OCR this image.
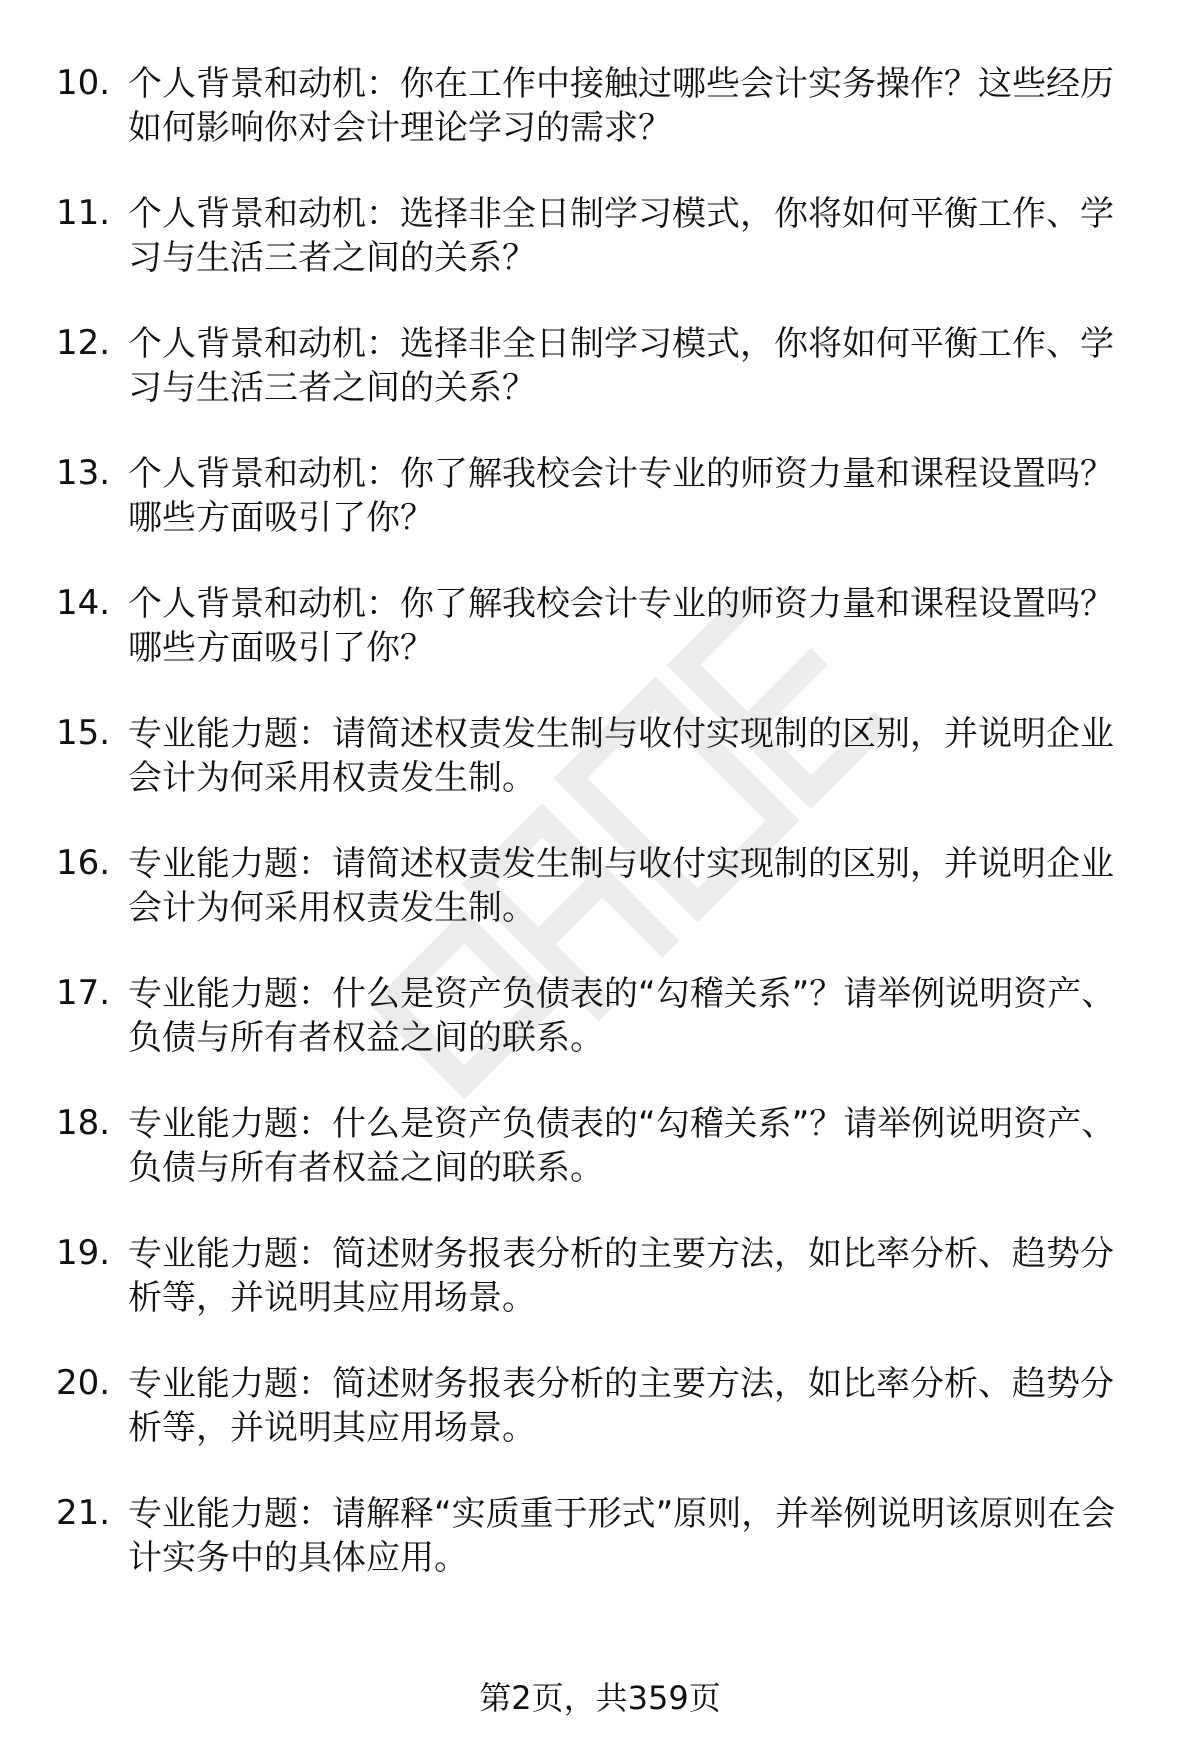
10. 个人背景和动机：你在工作中接触过哪些会计实务操作？这些经历如何影响你对会计理论学习的需求？
11. 个人背景和动机：选择非全日制学习模式，你将如何平衡工作、学习与生活三者之间的关系？
12. 个人背景和动机：选择非全日制学习模式，你将如何平衡工作、学习与生活三者之间的关系？
13. 个人背景和动机：你了解我校会计专业的师资力量和课程设置吗？哪些方面吸引了你？
14. 个人背景和动机：你了解我校会计专业的师资力量和课程设置吗？哪些方面吸引了你？
15. 专业能力题：请简述权责发生制与收付实现制的区别，并说明企业会计为何采用权责发生制。
16. 专业能力题：请简述权责发生制与收付实现制的区别，并说明企业会计为何采用权责发生制。
17. 专业能力题：什么是资产负债表的“勾稽关系”？请举例说明资产、负债与所有者权益之间的联系。
18. 专业能力题：什么是资产负债表的“勾稽关系”？请举例说明资产、负债与所有者权益之间的联系。
19. 专业能力题：简述财务报表分析的主要方法，如比率分析、趋势分析等，并说明其应用场景。
20. 专业能力题：简述财务报表分析的主要方法，如比率分析、趋势分析等，并说明其应用场景。
21. 专业能力题：请解释“实质重于形式”原则，并举例说明该原则在会计实务中的具体应用。
第2页，共359页
